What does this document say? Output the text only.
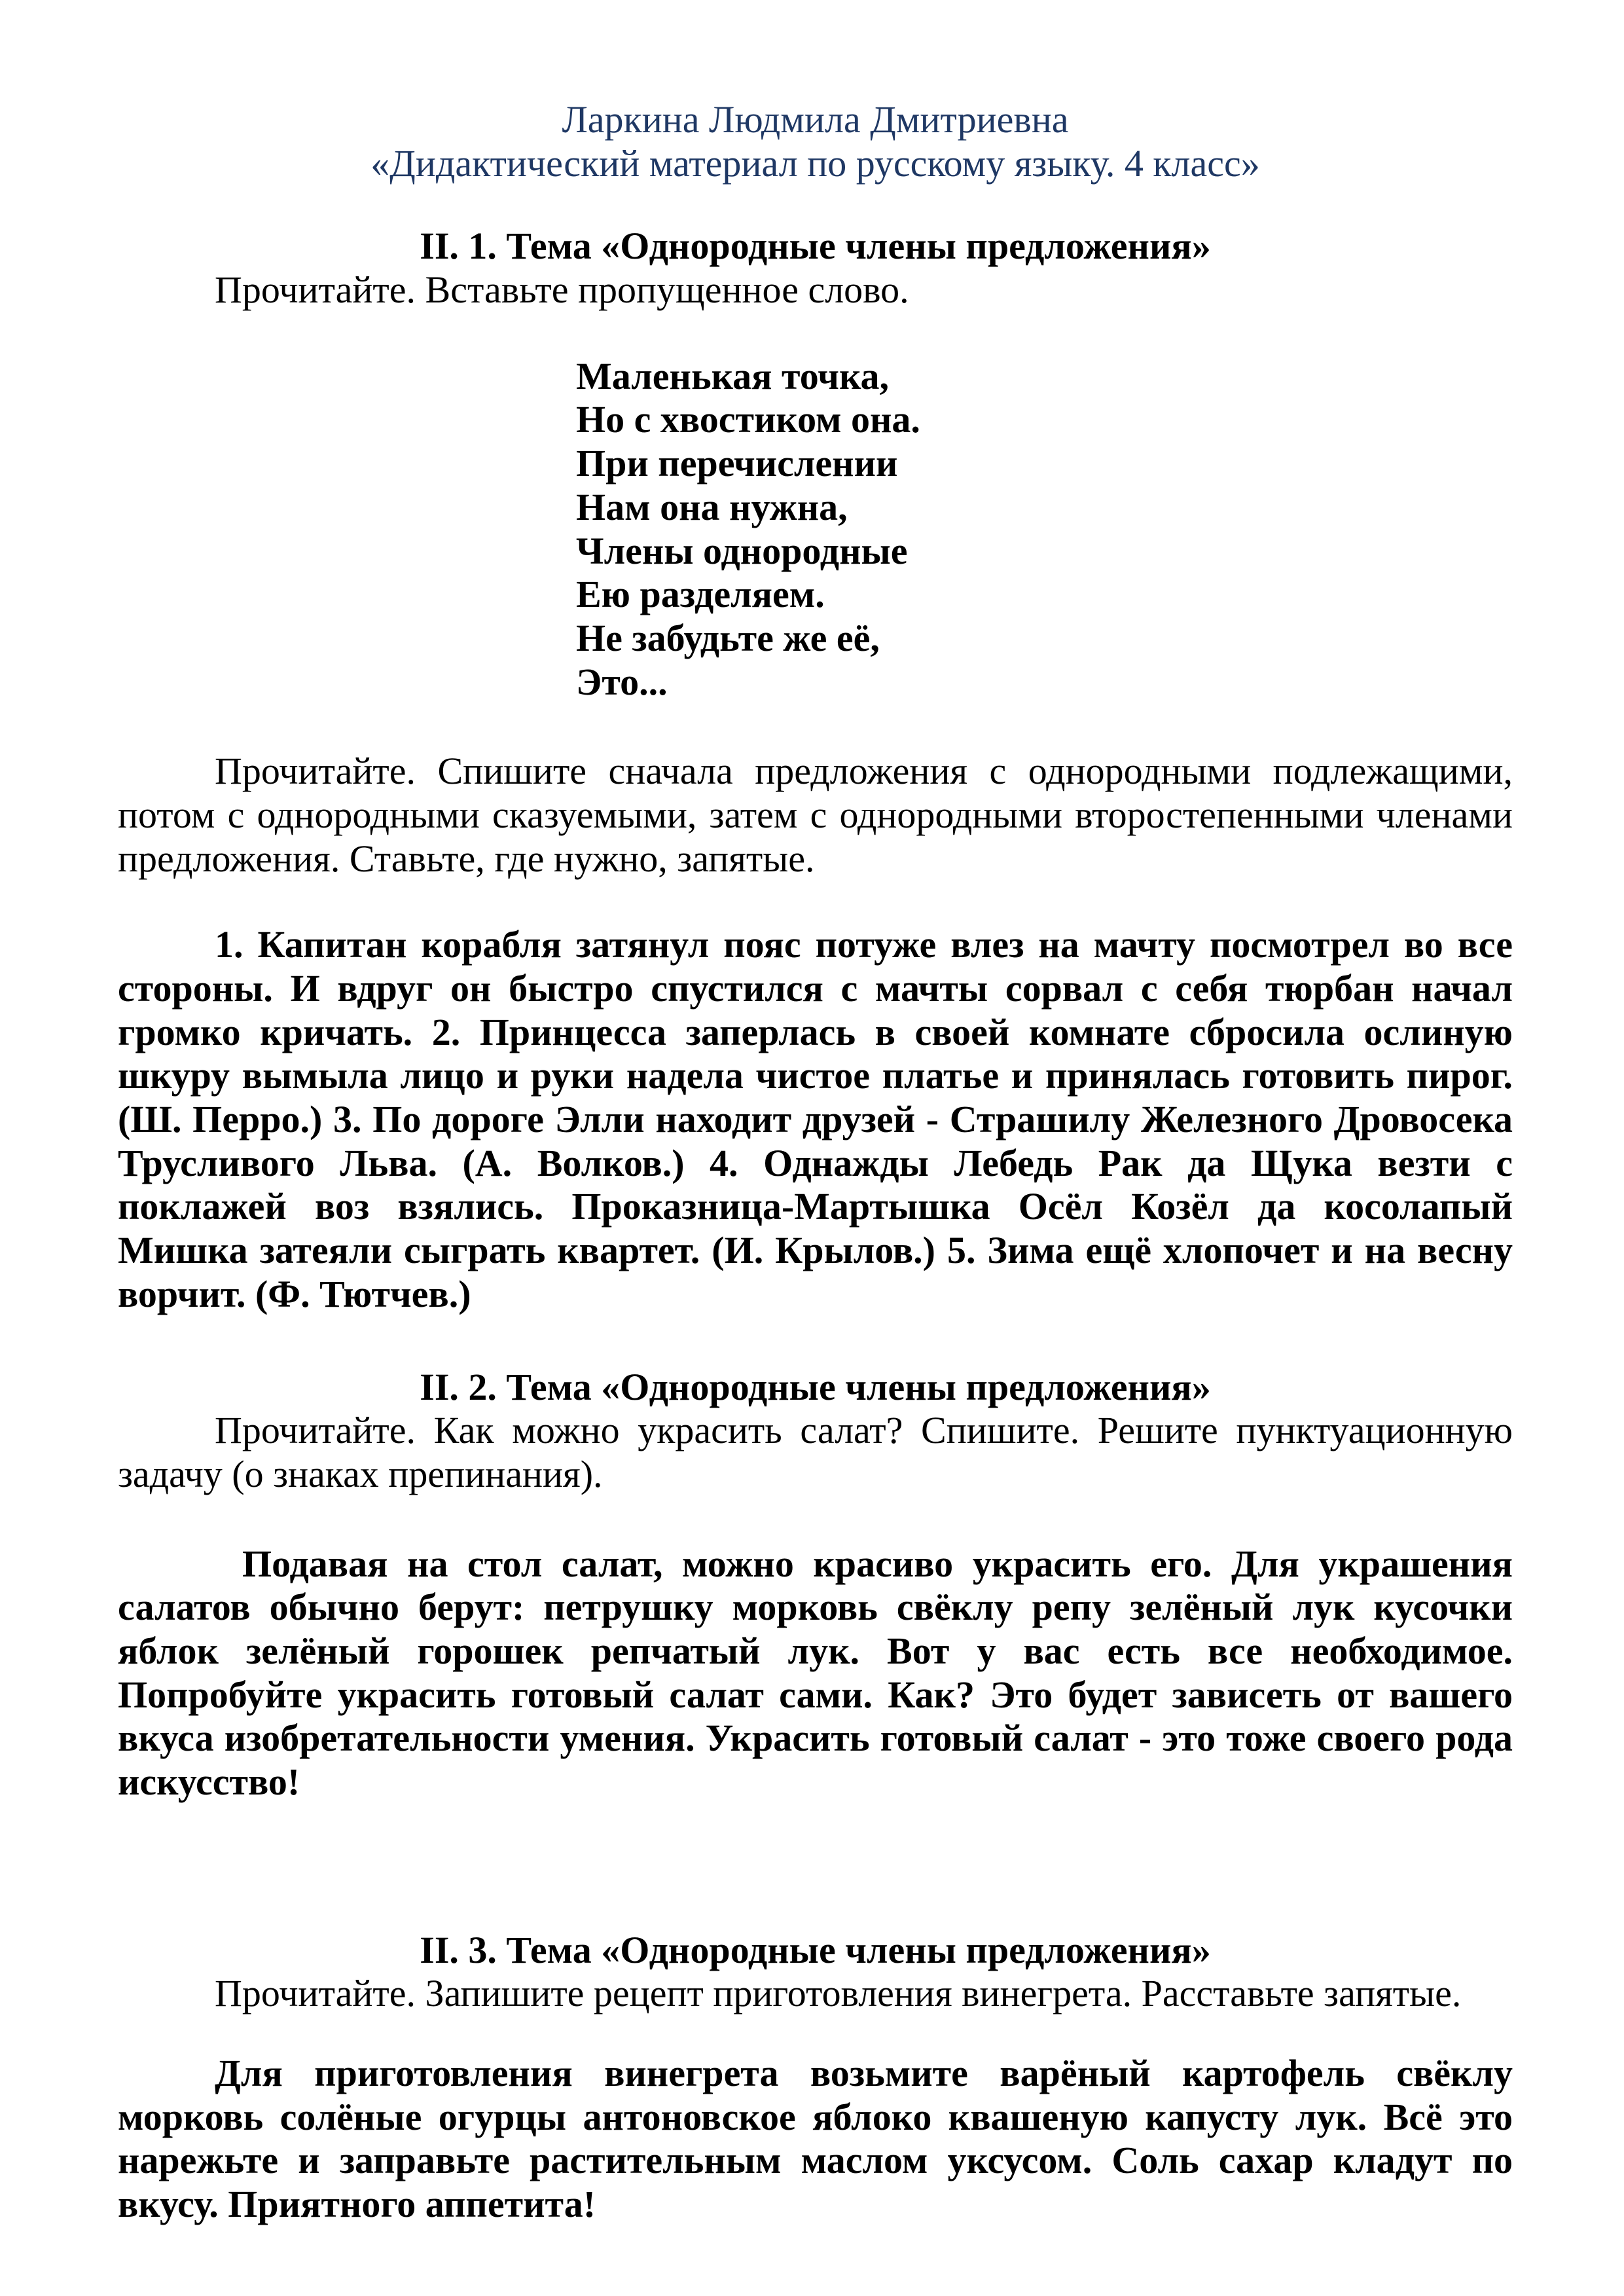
Ларкина Людмила Дмитриевна
«Дидактический материал по русскому языку. 4 класс»
II. 1. Тема «Однородные члены предложения»

Прочитайте. Вставьте пропущенное слово.

Маленькая точка,
Но с хвостиком она.
При перечислении
Нам она нужна,
Члены однородные
Ею разделяем.
Не забудьте же её,
Это...

Прочитайте. Спишите сначала предложения с однородными подлежащими, потом с однородными сказуемыми, затем с однородными второстепенными членами предложения. Ставьте, где нужно, запятые.

1. Капитан корабля затянул пояс потуже влез на мачту посмотрел во все стороны. И вдруг он быстро спустился с мачты сорвал с себя тюрбан начал громко кричать. 2. Принцесса заперлась в своей комнате сбросила ослиную шкуру вымыла лицо и руки надела чистое платье и принялась готовить пирог. (Ш. Перро.) 3. По дороге Элли находит друзей - Страшилу Железного Дровосека Трусливого Льва. (А. Волков.) 4. Однажды Лебедь Рак да Щука везти с поклажей воз взялись. Проказница-Мартышка Осёл Козёл да косолапый Мишка затеяли сыграть квартет. (И. Крылов.) 5. Зима ещё хлопочет и на весну ворчит. (Ф. Тютчев.)

II. 2. Тема «Однородные члены предложения»

Прочитайте. Как можно украсить салат? Спишите. Решите пунктуационную задачу (о знаках препинания).

Подавая на стол салат, можно красиво украсить его. Для украшения салатов обычно берут: петрушку морковь свёклу репу зелёный лук кусочки яблок зелёный горошек репчатый лук. Вот у вас есть все необходимое. Попробуйте украсить готовый салат сами. Как? Это будет зависеть от вашего вкуса изобретательности умения. Украсить готовый салат - это тоже своего рода искусство!

II. 3. Тема «Однородные члены предложения»

Прочитайте. Запишите рецепт приготовления винегрета. Расставьте запятые.

Для приготовления винегрета возьмите варёный картофель свёклу морковь солёные огурцы антоновское яблоко квашеную капусту лук. Всё это нарежьте и заправьте растительным маслом уксусом. Соль сахар кладут по вкусу. Приятного аппетита!
